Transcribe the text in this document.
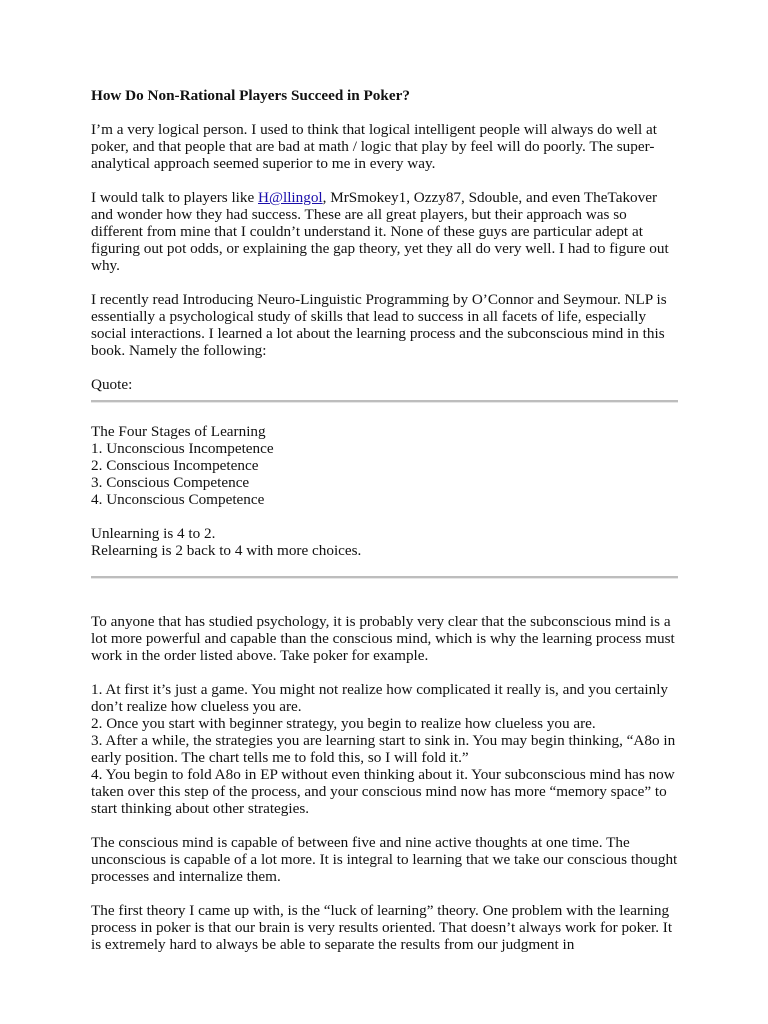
How Do Non-Rational Players Succeed in Poker?

I’m a very logical person. I used to think that logical intelligent people will always do well at poker, and that people that are bad at math / logic that play by feel will do poorly. The super-analytical approach seemed superior to me in every way.

I would talk to players like H@llingol, MrSmokey1, Ozzy87, Sdouble, and even TheTakover and wonder how they had success. These are all great players, but their approach was so different from mine that I couldn’t understand it. None of these guys are particular adept at figuring out pot odds, or explaining the gap theory, yet they all do very well. I had to figure out why.

I recently read Introducing Neuro-Linguistic Programming by O’Connor and Seymour. NLP is essentially a psychological study of skills that lead to success in all facets of life, especially social interactions. I learned a lot about the learning process and the subconscious mind in this book. Namely the following:

Quote:
The Four Stages of Learning
1. Unconscious Incompetence
2. Conscious Incompetence
3. Conscious Competence
4. Unconscious Competence
Unlearning is 4 to 2.
Relearning is 2 back to 4 with more choices.

To anyone that has studied psychology, it is probably very clear that the subconscious mind is a lot more powerful and capable than the conscious mind, which is why the learning process must work in the order listed above. Take poker for example.

1. At first it’s just a game. You might not realize how complicated it really is, and you certainly don’t realize how clueless you are.
2. Once you start with beginner strategy, you begin to realize how clueless you are.
3. After a while, the strategies you are learning start to sink in. You may begin thinking, “A8o in early position. The chart tells me to fold this, so I will fold it.”
4. You begin to fold A8o in EP without even thinking about it. Your subconscious mind has now taken over this step of the process, and your conscious mind now has more “memory space” to start thinking about other strategies.

The conscious mind is capable of between five and nine active thoughts at one time. The unconscious is capable of a lot more. It is integral to learning that we take our conscious thought processes and internalize them.

The first theory I came up with, is the “luck of learning” theory. One problem with the learning process in poker is that our brain is very results oriented. That doesn’t always work for poker. It is extremely hard to always be able to separate the results from our judgment in
